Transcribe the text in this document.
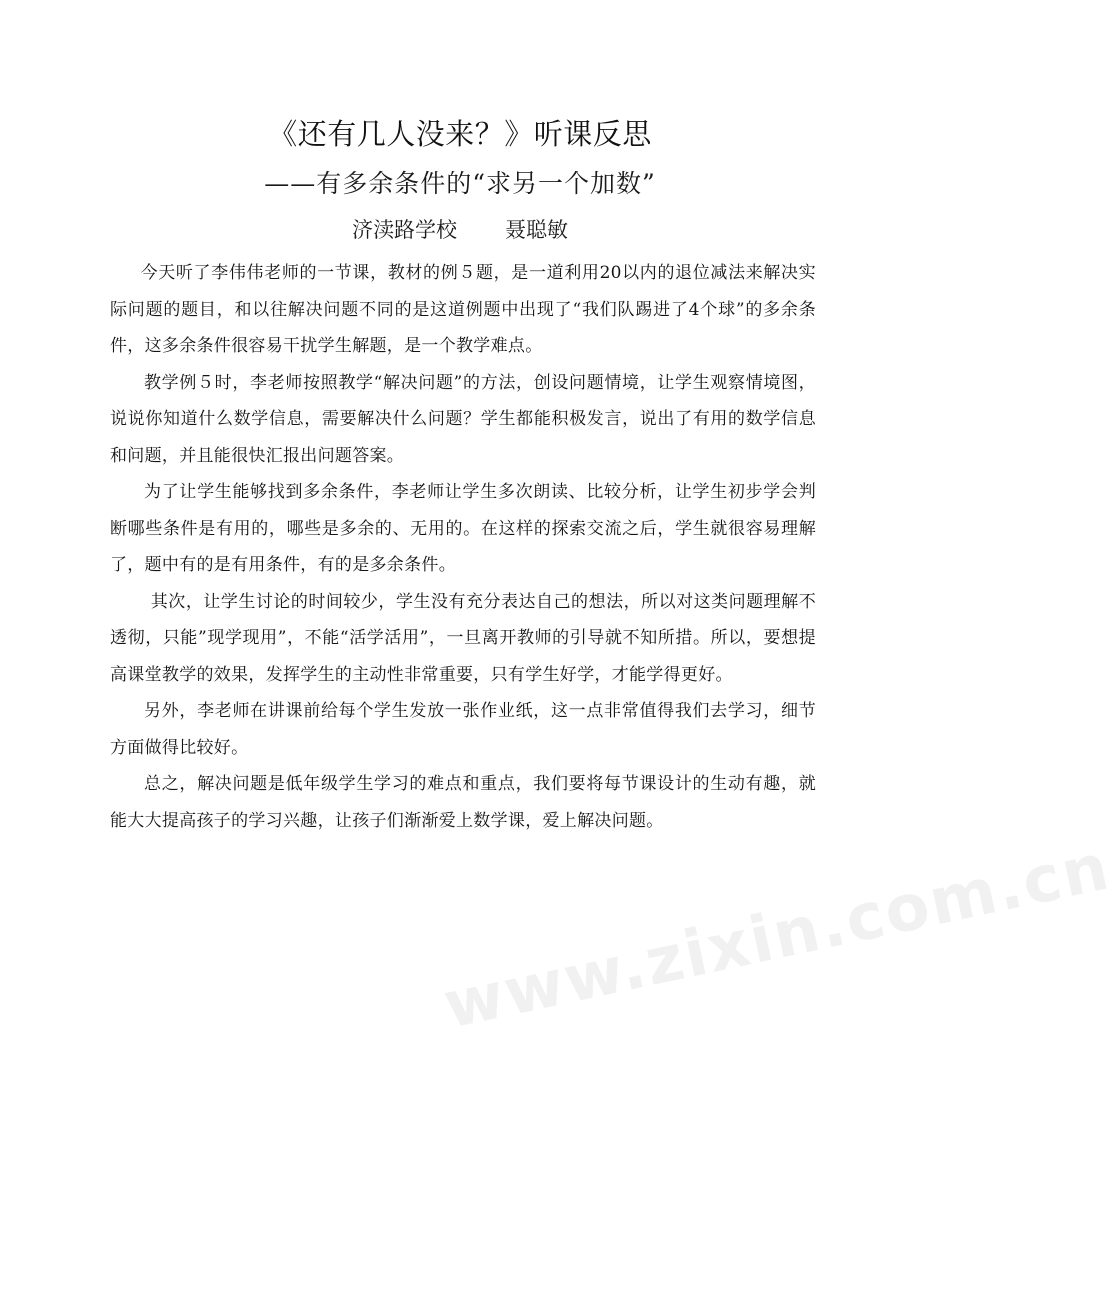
《还有几人没来？》听课反思
——有多余条件的“求另一个加数”
济渎路学校 聂聪敏

今天听了李伟伟老师的一节课，教材的例５题，是一道利用20以内的退位减法来解决实际问题的题目，和以往解决问题不同的是这道例题中出现了“我们队踢进了4个球”的多余条件，这多余条件很容易干扰学生解题，是一个教学难点。

教学例５时，李老师按照教学“解决问题”的方法，创设问题情境，让学生观察情境图，说说你知道什么数学信息，需要解决什么问题？学生都能积极发言，说出了有用的数学信息和问题，并且能很快汇报出问题答案。

为了让学生能够找到多余条件，李老师让学生多次朗读、比较分析，让学生初步学会判断哪些条件是有用的，哪些是多余的、无用的。在这样的探索交流之后，学生就很容易理解了，题中有的是有用条件，有的是多余条件。

其次，让学生讨论的时间较少，学生没有充分表达自己的想法，所以对这类问题理解不透彻，只能”现学现用”，不能“活学活用”，一旦离开教师的引导就不知所措。所以，要想提高课堂教学的效果，发挥学生的主动性非常重要，只有学生好学，才能学得更好。

另外，李老师在讲课前给每个学生发放一张作业纸，这一点非常值得我们去学习，细节方面做得比较好。

总之，解决问题是低年级学生学习的难点和重点，我们要将每节课设计的生动有趣，就能大大提高孩子的学习兴趣，让孩子们渐渐爱上数学课，爱上解决问题。

www.zixin.com.cn
